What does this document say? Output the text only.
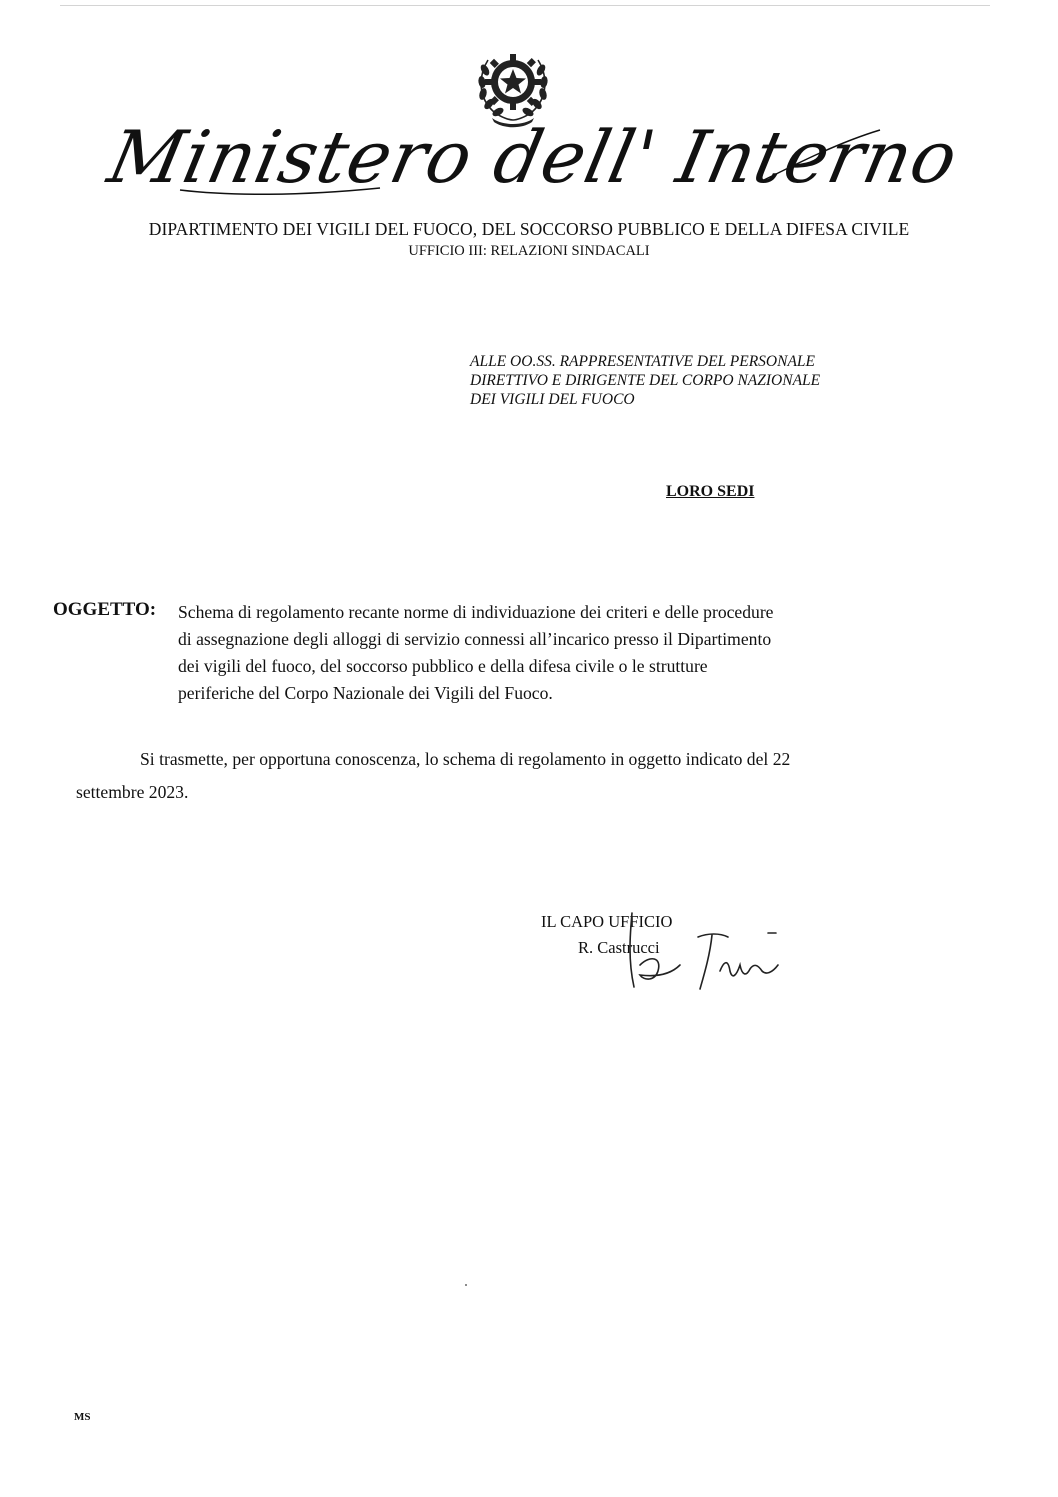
Ministero dell' Interno
DIPARTIMENTO DEI VIGILI DEL FUOCO, DEL SOCCORSO PUBBLICO E DELLA DIFESA CIVILE
UFFICIO III: RELAZIONI SINDACALI
ALLE OO.SS. RAPPRESENTATIVE DEL PERSONALE
DIRETTIVO E DIRIGENTE DEL CORPO NAZIONALE
DEI VIGILI DEL FUOCO
LORO SEDI
OGGETTO: Schema di regolamento recante norme di individuazione dei criteri e delle procedure
di assegnazione degli alloggi di servizio connessi all’incarico presso il Dipartimento
dei vigili del fuoco, del soccorso pubblico e della difesa civile o le strutture
periferiche del Corpo Nazionale dei Vigili del Fuoco.
Si trasmette, per opportuna conoscenza, lo schema di regolamento in oggetto indicato del 22
settembre 2023.
IL CAPO UFFICIO
R. Castrucci
MS
